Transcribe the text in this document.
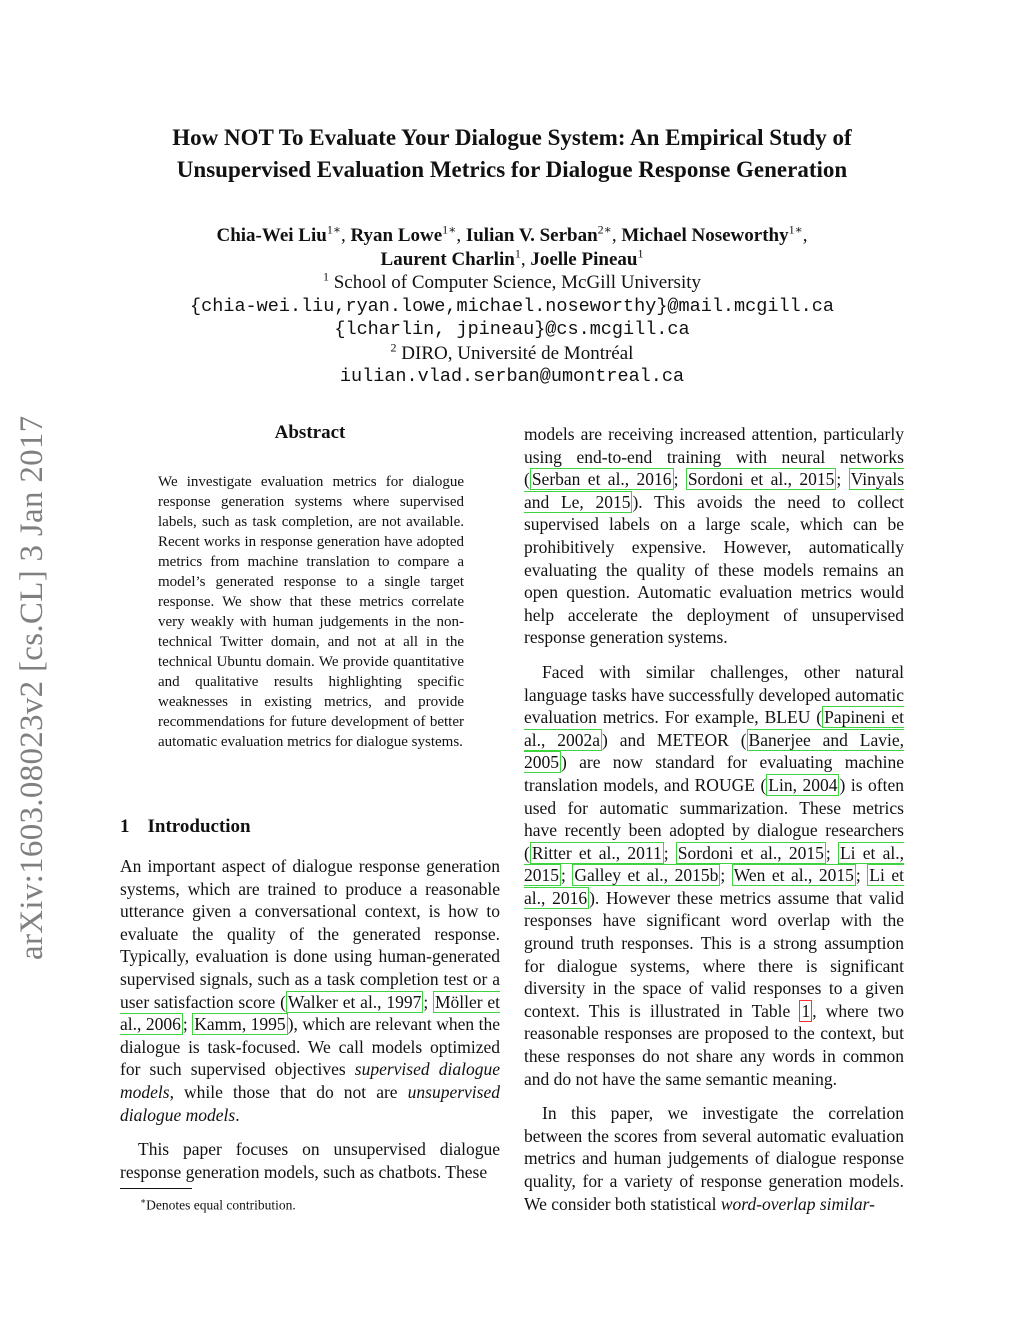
arXiv:1603.08023v2 [cs.CL] 3 Jan 2017
How NOT To Evaluate Your Dialogue System: An Empirical Study of
Unsupervised Evaluation Metrics for Dialogue Response Generation
Chia-Wei Liu$^{1∗}$, Ryan Lowe$^{1∗}$, Iulian V. Serban$^{2∗}$, Michael Noseworthy$^{1∗}$,
Laurent Charlin$^1$, Joelle Pineau$^1$
$^1$ School of Computer Science, McGill University
{chia-wei.liu,ryan.lowe,michael.noseworthy}@mail.mcgill.ca
{lcharlin, jpineau}@cs.mcgill.ca
$^2$ DIRO, Université de Montréal
iulian.vlad.serban@umontreal.ca
Abstract
We investigate evaluation metrics for dialogue response generation systems where supervised labels, such as task completion, are not available. Recent works in response generation have adopted metrics from machine translation to compare a model’s generated response to a single target response. We show that these metrics correlate very weakly with human judgements in the non-technical Twitter domain, and not at all in the technical Ubuntu domain. We provide quantitative and qualitative results highlighting specific weaknesses in existing metrics, and provide recommendations for future development of better automatic evaluation metrics for dialogue systems.
1 Introduction

An important aspect of dialogue response generation systems, which are trained to produce a reasonable utterance given a conversational context, is how to evaluate the quality of the generated response. Typically, evaluation is done using human-generated supervised signals, such as a task completion test or a user satisfaction score ( Walker et al., 1997 ; Möller et al., 2006 ; Kamm, 1995 ), which are relevant when the dialogue is task-focused. We call models optimized for such supervised objectives supervised dialogue models, while those that do not are unsupervised dialogue models.

This paper focuses on unsupervised dialogue response generation models, such as chatbots. These

∗Denotes equal contribution.

models are receiving increased attention, particularly using end-to-end training with neural networks ( Serban et al., 2016 ; Sordoni et al., 2015 ; Vinyals and Le, 2015 ). This avoids the need to collect supervised labels on a large scale, which can be prohibitively expensive. However, automatically evaluating the quality of these models remains an open question. Automatic evaluation metrics would help accelerate the deployment of unsupervised response generation systems.

Faced with similar challenges, other natural language tasks have successfully developed automatic evaluation metrics. For example, BLEU ( Papineni et al., 2002a ) and METEOR ( Banerjee and Lavie, 2005 ) are now standard for evaluating machine translation models, and ROUGE ( Lin, 2004 ) is often used for automatic summarization. These metrics have recently been adopted by dialogue researchers ( Ritter et al., 2011 ; Sordoni et al., 2015 ; Li et al., 2015 ; Galley et al., 2015b ; Wen et al., 2015 ; Li et al., 2016 ). However these metrics assume that valid responses have significant word overlap with the ground truth responses. This is a strong assumption for dialogue systems, where there is significant diversity in the space of valid responses to a given context. This is illustrated in Table 1 , where two reasonable responses are proposed to the context, but these responses do not share any words in common and do not have the same semantic meaning.

In this paper, we investigate the correlation between the scores from several automatic evaluation metrics and human judgements of dialogue response quality, for a variety of response generation models. We consider both statistical word-overlap similar-
